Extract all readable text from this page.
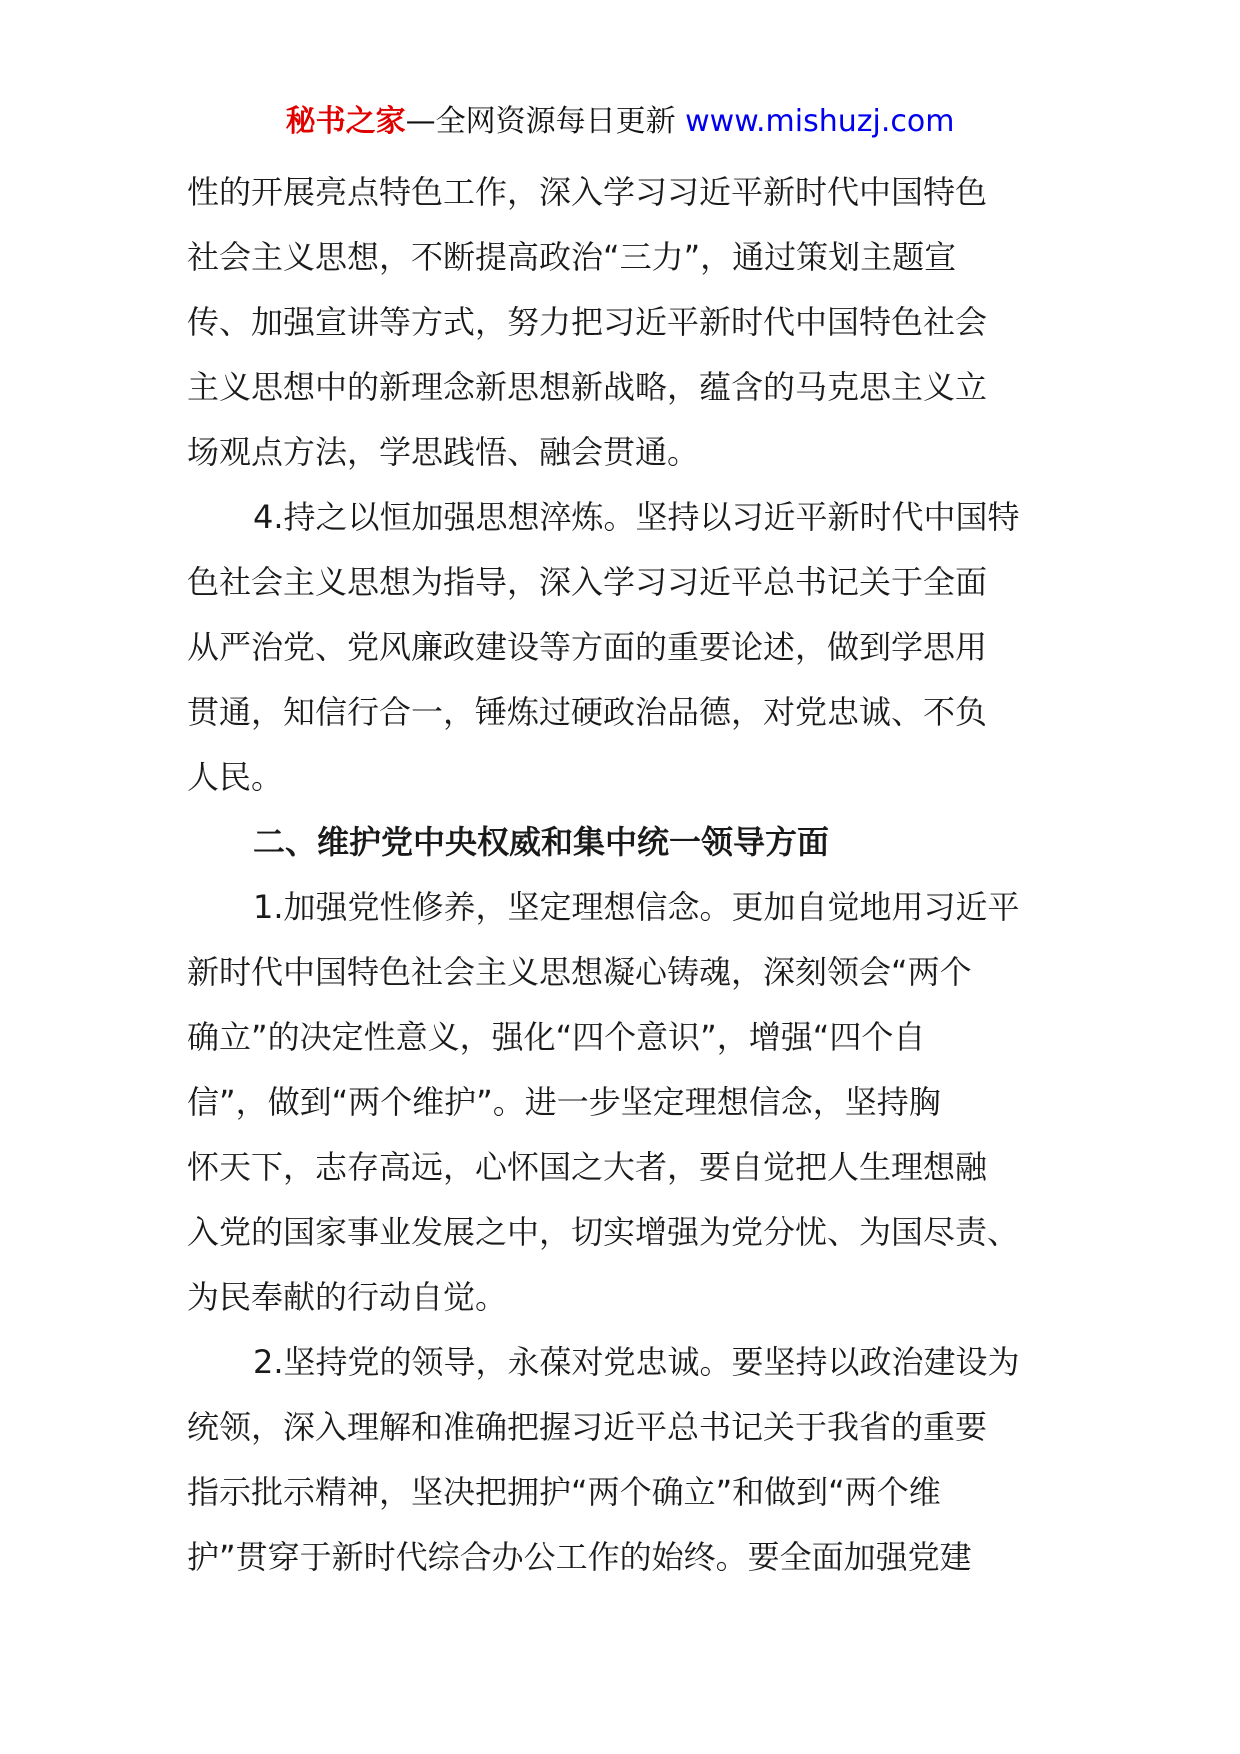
秘书之家—全网资源每日更新 www.mishuzj.com
性的开展亮点特色工作，深入学习习近平新时代中国特色
社会主义思想，不断提高政治“三力”，通过策划主题宣
传、加强宣讲等方式，努力把习近平新时代中国特色社会
主义思想中的新理念新思想新战略，蕴含的马克思主义立
场观点方法，学思践悟、融会贯通。
4.持之以恒加强思想淬炼。坚持以习近平新时代中国特
色社会主义思想为指导，深入学习习近平总书记关于全面
从严治党、党风廉政建设等方面的重要论述，做到学思用
贯通，知信行合一，锤炼过硬政治品德，对党忠诚、不负
人民。
二、维护党中央权威和集中统一领导方面
1.加强党性修养，坚定理想信念。更加自觉地用习近平
新时代中国特色社会主义思想凝心铸魂，深刻领会“两个
确立”的决定性意义，强化“四个意识”，增强“四个自
信”，做到“两个维护”。进一步坚定理想信念，坚持胸
怀天下，志存高远，心怀国之大者，要自觉把人生理想融
入党的国家事业发展之中，切实增强为党分忧、为国尽责、
为民奉献的行动自觉。
2.坚持党的领导，永葆对党忠诚。要坚持以政治建设为
统领，深入理解和准确把握习近平总书记关于我省的重要
指示批示精神，坚决把拥护“两个确立”和做到“两个维
护”贯穿于新时代综合办公工作的始终。要全面加强党建
